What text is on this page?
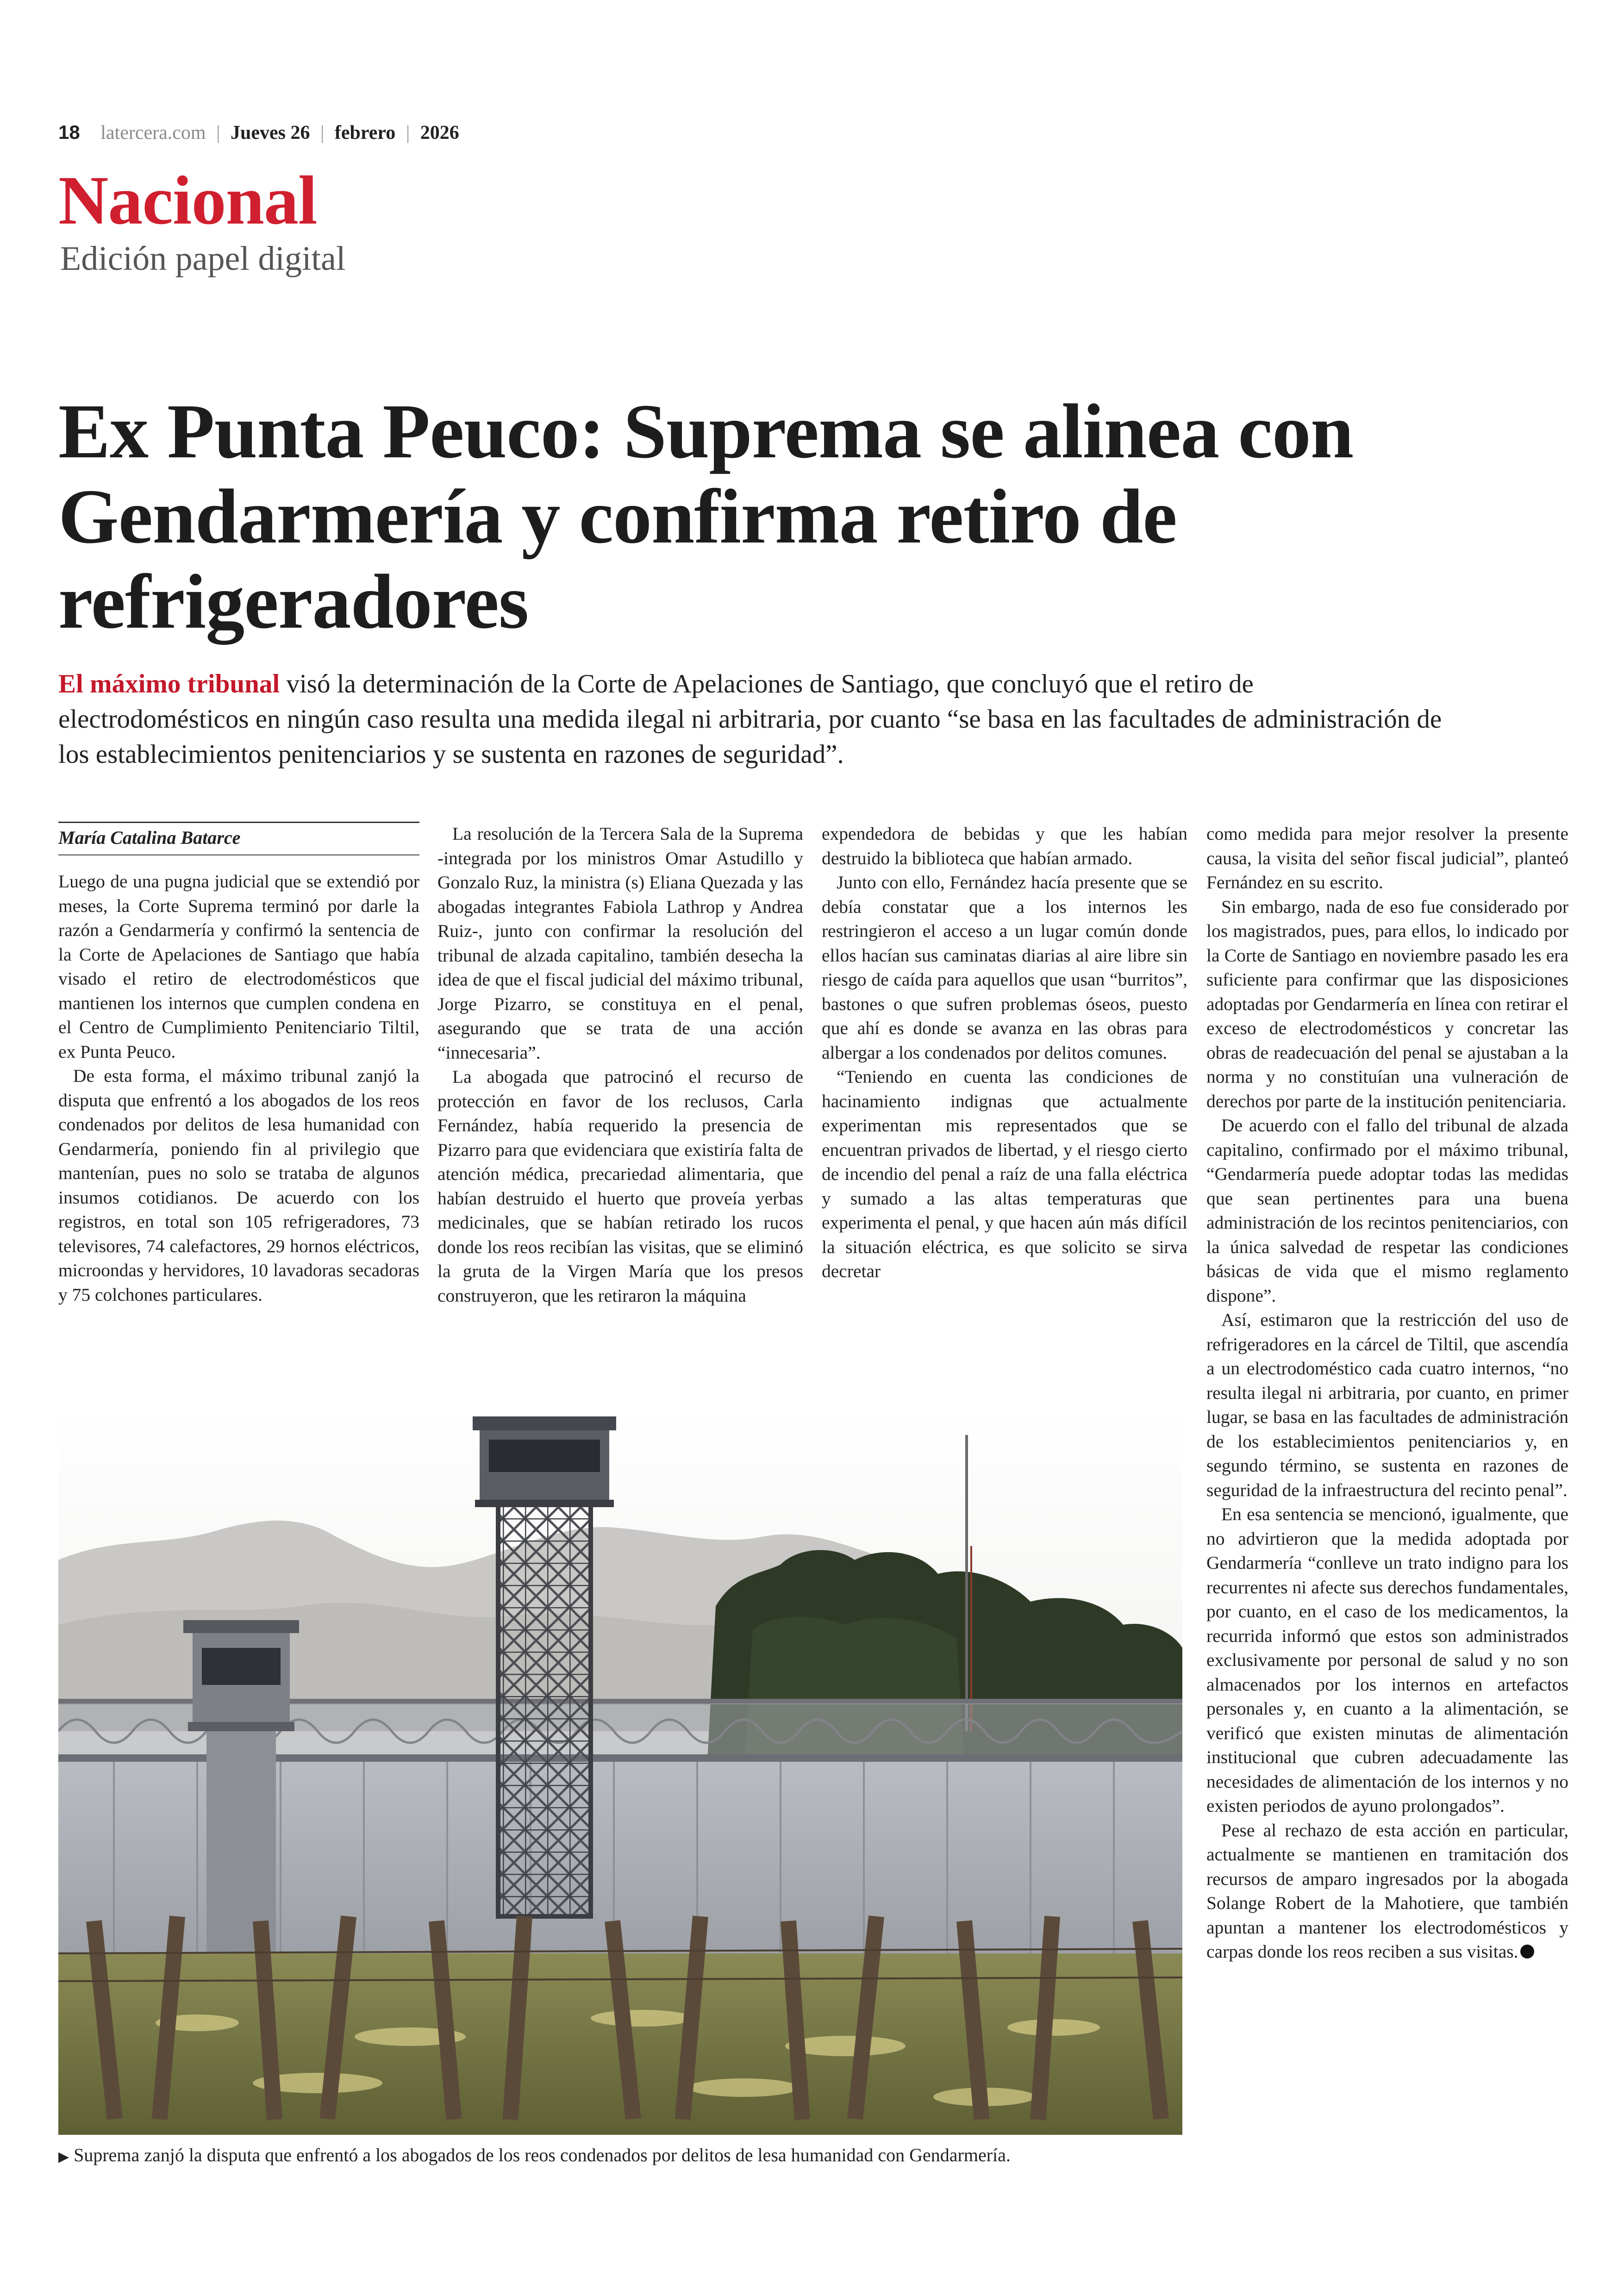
18 latercera.com | Jueves 26 | febrero | 2026
Nacional
Edición papel digital
Ex Punta Peuco: Suprema se alinea con Gendarmería y confirma retiro de refrigeradores
El máximo tribunal visó la determinación de la Corte de Apelaciones de Santiago, que concluyó que el retiro de electrodomésticos en ningún caso resulta una medida ilegal ni arbitraria, por cuanto “se basa en las facultades de administración de los establecimientos penitenciarios y se sustenta en razones de seguridad”.

María Catalina Batarce

Luego de una pugna judicial que se extendió por meses, la Corte Suprema terminó por darle la razón a Gendarmería y confirmó la sentencia de la Corte de Apelaciones de Santiago que había visado el retiro de electrodomésticos que mantienen los internos que cumplen condena en el Centro de Cumplimiento Penitenciario Tiltil, ex Punta Peuco.

De esta forma, el máximo tribunal zanjó la disputa que enfrentó a los abogados de los reos condenados por delitos de lesa humanidad con Gendarmería, poniendo fin al privilegio que mantenían, pues no solo se trataba de algunos insumos cotidianos. De acuerdo con los registros, en total son 105 refrigeradores, 73 televisores, 74 calefactores, 29 hornos eléctricos, microondas y hervidores, 10 lavadoras secadoras y 75 colchones particulares.

La resolución de la Tercera Sala de la Suprema -integrada por los ministros Omar Astudillo y Gonzalo Ruz, la ministra (s) Eliana Quezada y las abogadas integrantes Fabiola Lathrop y Andrea Ruiz-, junto con confirmar la resolución del tribunal de alzada capitalino, también desecha la idea de que el fiscal judicial del máximo tribunal, Jorge Pizarro, se constituya en el penal, asegurando que se trata de una acción “innecesaria”.

La abogada que patrocinó el recurso de protección en favor de los reclusos, Carla Fernández, había requerido la presencia de Pizarro para que evidenciara que existiría falta de atención médica, precariedad alimentaria, que habían destruido el huerto que proveía yerbas medicinales, que se habían retirado los rucos donde los reos recibían las visitas, que se eliminó la gruta de la Virgen María que los presos construyeron, que les retiraron la máquina

expendedora de bebidas y que les habían destruido la biblioteca que habían armado.

Junto con ello, Fernández hacía presente que se debía constatar que a los internos les restringieron el acceso a un lugar común donde ellos hacían sus caminatas diarias al aire libre sin riesgo de caída para aquellos que usan “burritos”, bastones o que sufren problemas óseos, puesto que ahí es donde se avanza en las obras para albergar a los condenados por delitos comunes.

“Teniendo en cuenta las condiciones de hacinamiento indignas que actualmente experimentan mis representados que se encuentran privados de libertad, y el riesgo cierto de incendio del penal a raíz de una falla eléctrica y sumado a las altas temperaturas que experimenta el penal, y que hacen aún más difícil la situación eléctrica, es que solicito se sirva decretar

como medida para mejor resolver la presente causa, la visita del señor fiscal judicial”, planteó Fernández en su escrito.

Sin embargo, nada de eso fue considerado por los magistrados, pues, para ellos, lo indicado por la Corte de Santiago en noviembre pasado les era suficiente para confirmar que las disposiciones adoptadas por Gendarmería en línea con retirar el exceso de electrodomésticos y concretar las obras de readecuación del penal se ajustaban a la norma y no constituían una vulneración de derechos por parte de la institución penitenciaria.

De acuerdo con el fallo del tribunal de alzada capitalino, confirmado por el máximo tribunal, “Gendarmería puede adoptar todas las medidas que sean pertinentes para una buena administración de los recintos penitenciarios, con la única salvedad de respetar las condiciones básicas de vida que el mismo reglamento dispone”.

Así, estimaron que la restricción del uso de refrigeradores en la cárcel de Tiltil, que ascendía a un electrodoméstico cada cuatro internos, “no resulta ilegal ni arbitraria, por cuanto, en primer lugar, se basa en las facultades de administración de los establecimientos penitenciarios y, en segundo término, se sustenta en razones de seguridad de la infraestructura del recinto penal”.

En esa sentencia se mencionó, igualmente, que no advirtieron que la medida adoptada por Gendarmería “conlleve un trato indigno para los recurrentes ni afecte sus derechos fundamentales, por cuanto, en el caso de los medicamentos, la recurrida informó que estos son administrados exclusivamente por personal de salud y no son almacenados por los internos en artefactos personales y, en cuanto a la alimentación, se verificó que existen minutas de alimentación institucional que cubren adecuadamente las necesidades de alimentación de los internos y no existen periodos de ayuno prolongados”.

Pese al rechazo de esta acción en particular, actualmente se mantienen en tramitación dos recursos de amparo ingresados por la abogada Solange Robert de la Mahotiere, que también apuntan a mantener los electrodomésticos y carpas donde los reos reciben a sus visitas.

▶ Suprema zanjó la disputa que enfrentó a los abogados de los reos condenados por delitos de lesa humanidad con Gendarmería.
